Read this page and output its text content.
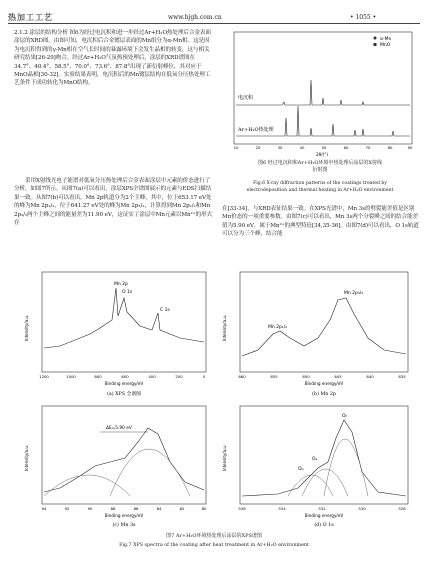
热加工工艺	www.hjgh.com.cn	• 1055 •
2.1.2 涂层的结构分析 图6为经过电沉积和进一步经过Ar+H₂O热处理后合金表面涂层的XRD图。由图可知，电沉积后合金镀层表面的Mn组分为α-Mn相。这是因为电沉积得到的γ-Mn相在空气长时间的暴露环境下会发生晶相的转变，这与相关研究结果[26-29]吻合。经过Ar+H₂O气氛热预处理后，涂层的XRD谱图在34.7°、40.4°、58.5°、70.0°、73.6°、87.8°出现了新衍射峰位，其对应于MnO晶相[30-32]。实验结果表明，电沉积后的Mn镀层结构在低氧分压热处理工艺条件下成功转化为MnO结构。
采用X射线光电子能谱对低氧分压热处理后合金表面涂层中元素的价态进行了分析，如图7所示。从图7(a)可以看出，涂层XPS全谱图展示的元素与EDS扫描结果一致。从图7(b)可以看出，Mn 2p轨道分为2个主峰，其中，位于653.17 eV处的峰为Mn 2p₁/₂，位于641.27 eV处的峰为Mn 2p₃/₂，计算得到Mn 2p₁/₂和Mn 2p₃/₂两个主峰之间的能量差为11.90 eV，这证实了涂层中Mn元素以Mn²⁺的形式存
α-Mn
MnO
电沉积
Ar+H₂O热处理
10	20	30	40	50	60	70	80	90
2θ/(°)
图6 经过电沉积和Ar+H₂O环境中热处理后涂层的X射线
衍射图
Fig.6 X-ray diffraction patterns of the coatings treated by
electrodeposition and thermal heating in Ar+H₂O environment
在[33-34]，与XRD表征结果一致。在XPS光谱中，Mn 3s的劈裂能差值是区别Mn价态的一项重要参数。由图7(c)可以看出，Mn 3s两个分裂峰之间的结合能差值为5.90 eV，属于Mn²⁺的典型特征[34,35-36]。由图7(d)可以看出，O 1s轨道可以分为三个峰，结合能
Intensity/a.u.
Mn 2p
O 1s
C 1s
1200	1000	800	600	400	200	0
Binding energy/eV
(a) XPS 全谱图
Intensity/a.u.	Mn 2p₁/₂
Mn 2p₃/₂
660	655	650	645	640	635
Binding energy/eV
(b) Mn 2p
Intensity/a.u.
ΔE=5.90 eV
94	92	90	88	86	84	82	80
Binding energy/eV
(c) Mn 3s
Intensity/a.u.	Oᵢₙ
Oₐ
Oₕ
536	534	532	530	528
Binding energy/eV
(d) O 1s
图7 Ar+H₂O环境热处理后涂层的XPS谱图
Fig.7 XPS spectra of the coating after heat treatment in Ar+H₂O environment
